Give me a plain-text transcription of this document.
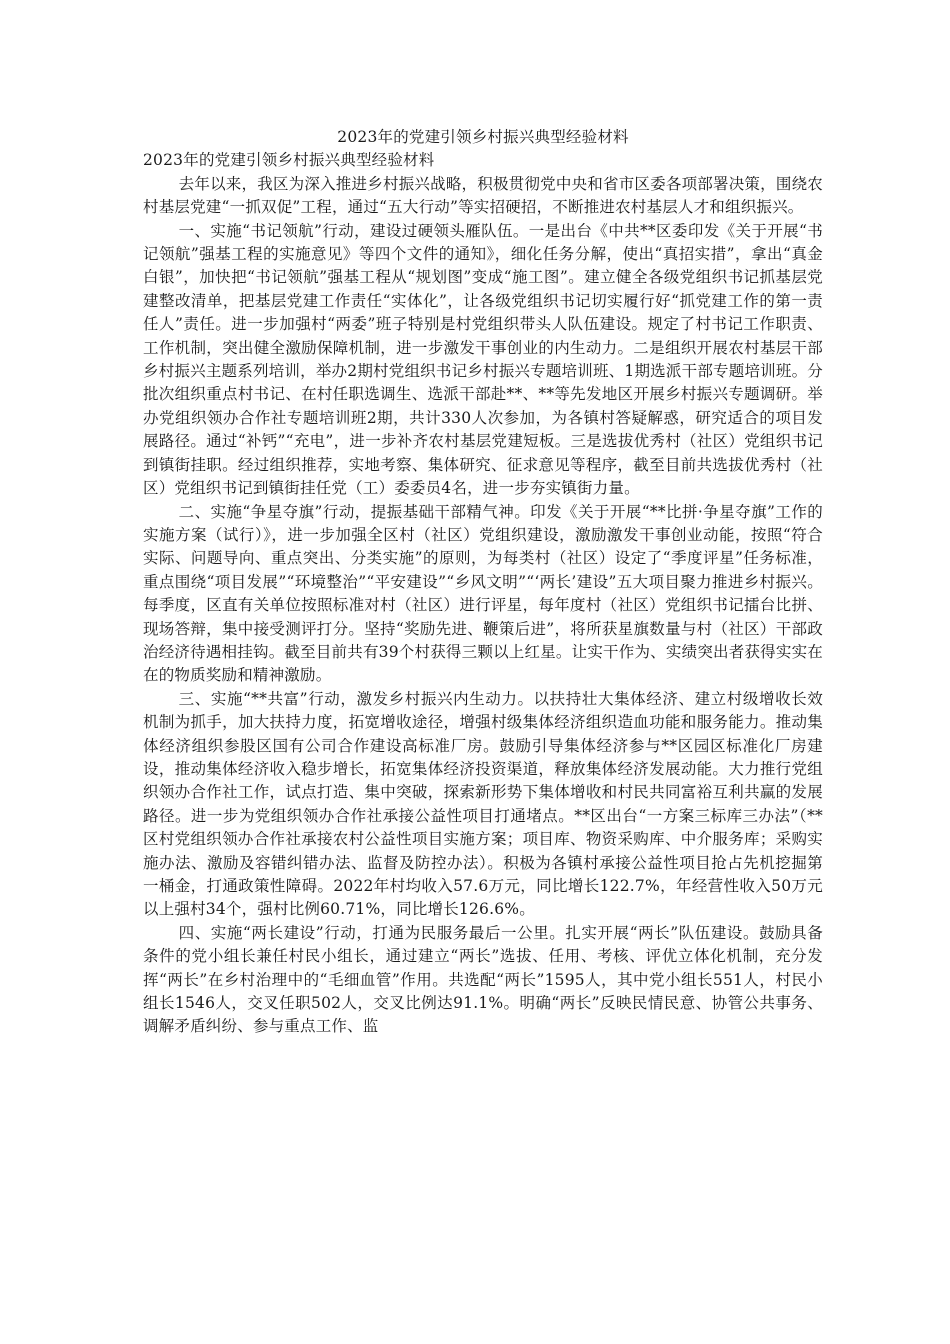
2023年的党建引领乡村振兴典型经验材料

2023年的党建引领乡村振兴典型经验材料

去年以来，我区为深入推进乡村振兴战略，积极贯彻党中央和省市区委各项部署决策，围绕农村基层党建“一抓双促”工程，通过“五大行动”等实招硬招，不断推进农村基层人才和组织振兴。

一、实施“书记领航”行动，建设过硬领头雁队伍。一是出台《中共**区委印发《关于开展“书记领航”强基工程的实施意见》等四个文件的通知》，细化任务分解，使出“真招实措”，拿出“真金白银”，加快把“书记领航”强基工程从“规划图”变成“施工图”。建立健全各级党组织书记抓基层党建整改清单，把基层党建工作责任“实体化”，让各级党组织书记切实履行好“抓党建工作的第一责任人”责任。进一步加强村“两委”班子特别是村党组织带头人队伍建设。规定了村书记工作职责、工作机制，突出健全激励保障机制，进一步激发干事创业的内生动力。二是组织开展农村基层干部乡村振兴主题系列培训，举办2期村党组织书记乡村振兴专题培训班、1期选派干部专题培训班。分批次组织重点村书记、在村任职选调生、选派干部赴**、**等先发地区开展乡村振兴专题调研。举办党组织领办合作社专题培训班2期，共计330人次参加，为各镇村答疑解惑，研究适合的项目发展路径。通过“补钙”“充电”，进一步补齐农村基层党建短板。三是选拔优秀村（社区）党组织书记到镇街挂职。经过组织推荐，实地考察、集体研究、征求意见等程序，截至目前共选拔优秀村（社区）党组织书记到镇街挂任党（工）委委员4名，进一步夯实镇街力量。

二、实施“争星夺旗”行动，提振基础干部精气神。印发《关于开展“**比拼·争星夺旗”工作的实施方案（试行）》，进一步加强全区村（社区）党组织建设，激励激发干事创业动能，按照“符合实际、问题导向、重点突出、分类实施”的原则，为每类村（社区）设定了“季度评星”任务标准，重点围绕“项目发展”“环境整治”“平安建设”“乡风文明”“‘两长’建设”五大项目聚力推进乡村振兴。每季度，区直有关单位按照标准对村（社区）进行评星，每年度村（社区）党组织书记擂台比拼、现场答辩，集中接受测评打分。坚持“奖励先进、鞭策后进”，将所获星旗数量与村（社区）干部政治经济待遇相挂钩。截至目前共有39个村获得三颗以上红星。让实干作为、实绩突出者获得实实在在的物质奖励和精神激励。

三、实施“**共富”行动，激发乡村振兴内生动力。以扶持壮大集体经济、建立村级增收长效机制为抓手，加大扶持力度，拓宽增收途径，增强村级集体经济组织造血功能和服务能力。推动集体经济组织参股区国有公司合作建设高标准厂房。鼓励引导集体经济参与**区园区标准化厂房建设，推动集体经济收入稳步增长，拓宽集体经济投资渠道，释放集体经济发展动能。大力推行党组织领办合作社工作，试点打造、集中突破，探索新形势下集体增收和村民共同富裕互利共赢的发展路径。进一步为党组织领办合作社承接公益性项目打通堵点。**区出台“一方案三标库三办法”（**区村党组织领办合作社承接农村公益性项目实施方案；项目库、物资采购库、中介服务库；采购实施办法、激励及容错纠错办法、监督及防控办法）。积极为各镇村承接公益性项目抢占先机挖掘第一桶金，打通政策性障碍。2022年村均收入57.6万元，同比增长122.7%，年经营性收入50万元以上强村34个，强村比例60.71%，同比增长126.6%。

四、实施“两长建设”行动，打通为民服务最后一公里。扎实开展“两长”队伍建设。鼓励具备条件的党小组长兼任村民小组长，通过建立“两长”选拔、任用、考核、评优立体化机制，充分发挥“两长”在乡村治理中的“毛细血管”作用。共选配“两长”1595人，其中党小组长551人，村民小组长1546人，交叉任职502人，交叉比例达91.1%。明确“两长”反映民情民意、协管公共事务、调解矛盾纠纷、参与重点工作、监
